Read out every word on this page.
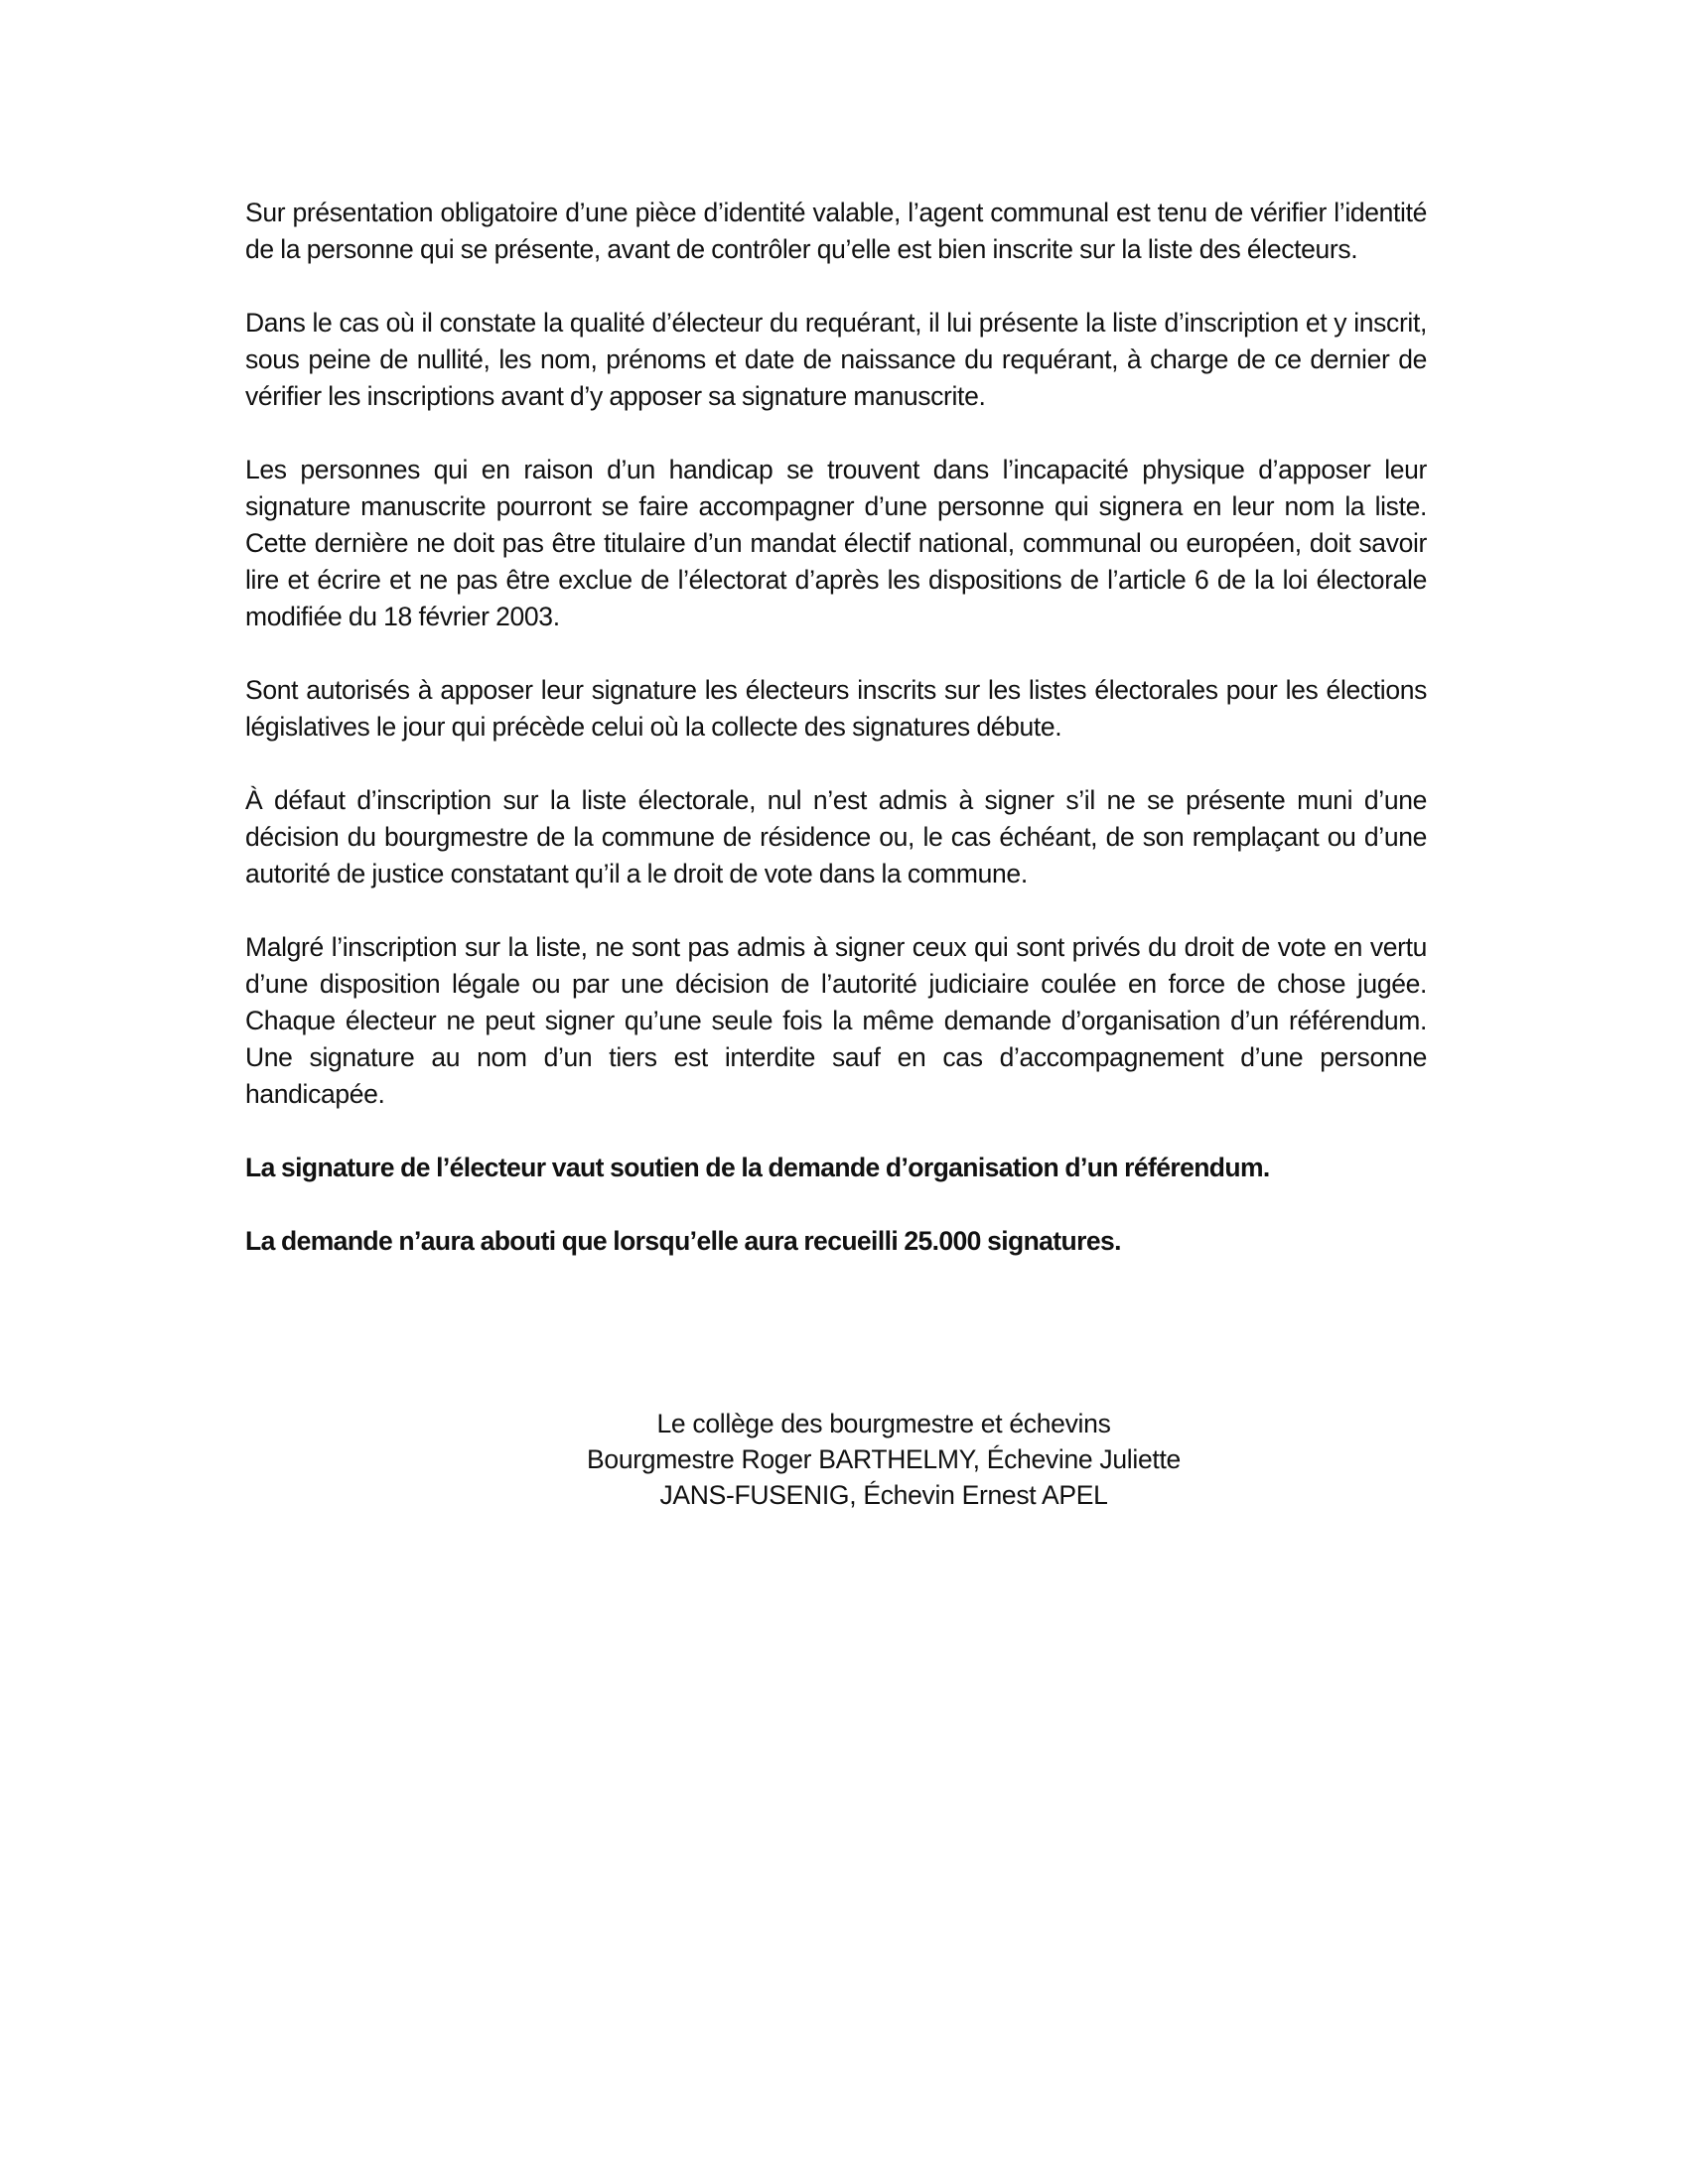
Sur présentation obligatoire d’une pièce d’identité valable, l’agent communal est tenu de vérifier l’identité de la personne qui se présente, avant de contrôler qu’elle est bien inscrite sur la liste des électeurs.

Dans le cas où il constate la qualité d’électeur du requérant, il lui présente la liste d’inscription et y inscrit, sous peine de nullité, les nom, prénoms et date de naissance du requérant, à charge de ce dernier de vérifier les inscriptions avant d’y apposer sa signature manuscrite.

Les personnes qui en raison d’un handicap se trouvent dans l’incapacité physique d’apposer leur signature manuscrite pourront se faire accompagner d’une personne qui signera en leur nom la liste. Cette dernière ne doit pas être titulaire d’un mandat électif national, communal ou européen, doit savoir lire et écrire et ne pas être exclue de l’électorat d’après les dispositions de l’article 6 de la loi électorale modifiée du 18 février 2003.

Sont autorisés à apposer leur signature les électeurs inscrits sur les listes électorales pour les élections législatives le jour qui précède celui où la collecte des signatures débute.

À défaut d’inscription sur la liste électorale, nul n’est admis à signer s’il ne se présente muni d’une décision du bourgmestre de la commune de résidence ou, le cas échéant, de son remplaçant ou d’une autorité de justice constatant qu’il a le droit de vote dans la commune.

Malgré l’inscription sur la liste, ne sont pas admis à signer ceux qui sont privés du droit de vote en vertu d’une disposition légale ou par une décision de l’autorité judiciaire coulée en force de chose jugée. Chaque électeur ne peut signer qu’une seule fois la même demande d’organisation d’un référendum. Une signature au nom d’un tiers est interdite sauf en cas d’accompagnement d’une personne handicapée.

La signature de l’électeur vaut soutien de la demande d’organisation d’un référendum.

La demande n’aura abouti que lorsqu’elle aura recueilli 25.000 signatures.

Le collège des bourgmestre et échevins
Bourgmestre Roger BARTHELMY, Échevine Juliette
JANS-FUSENIG, Échevin Ernest APEL
